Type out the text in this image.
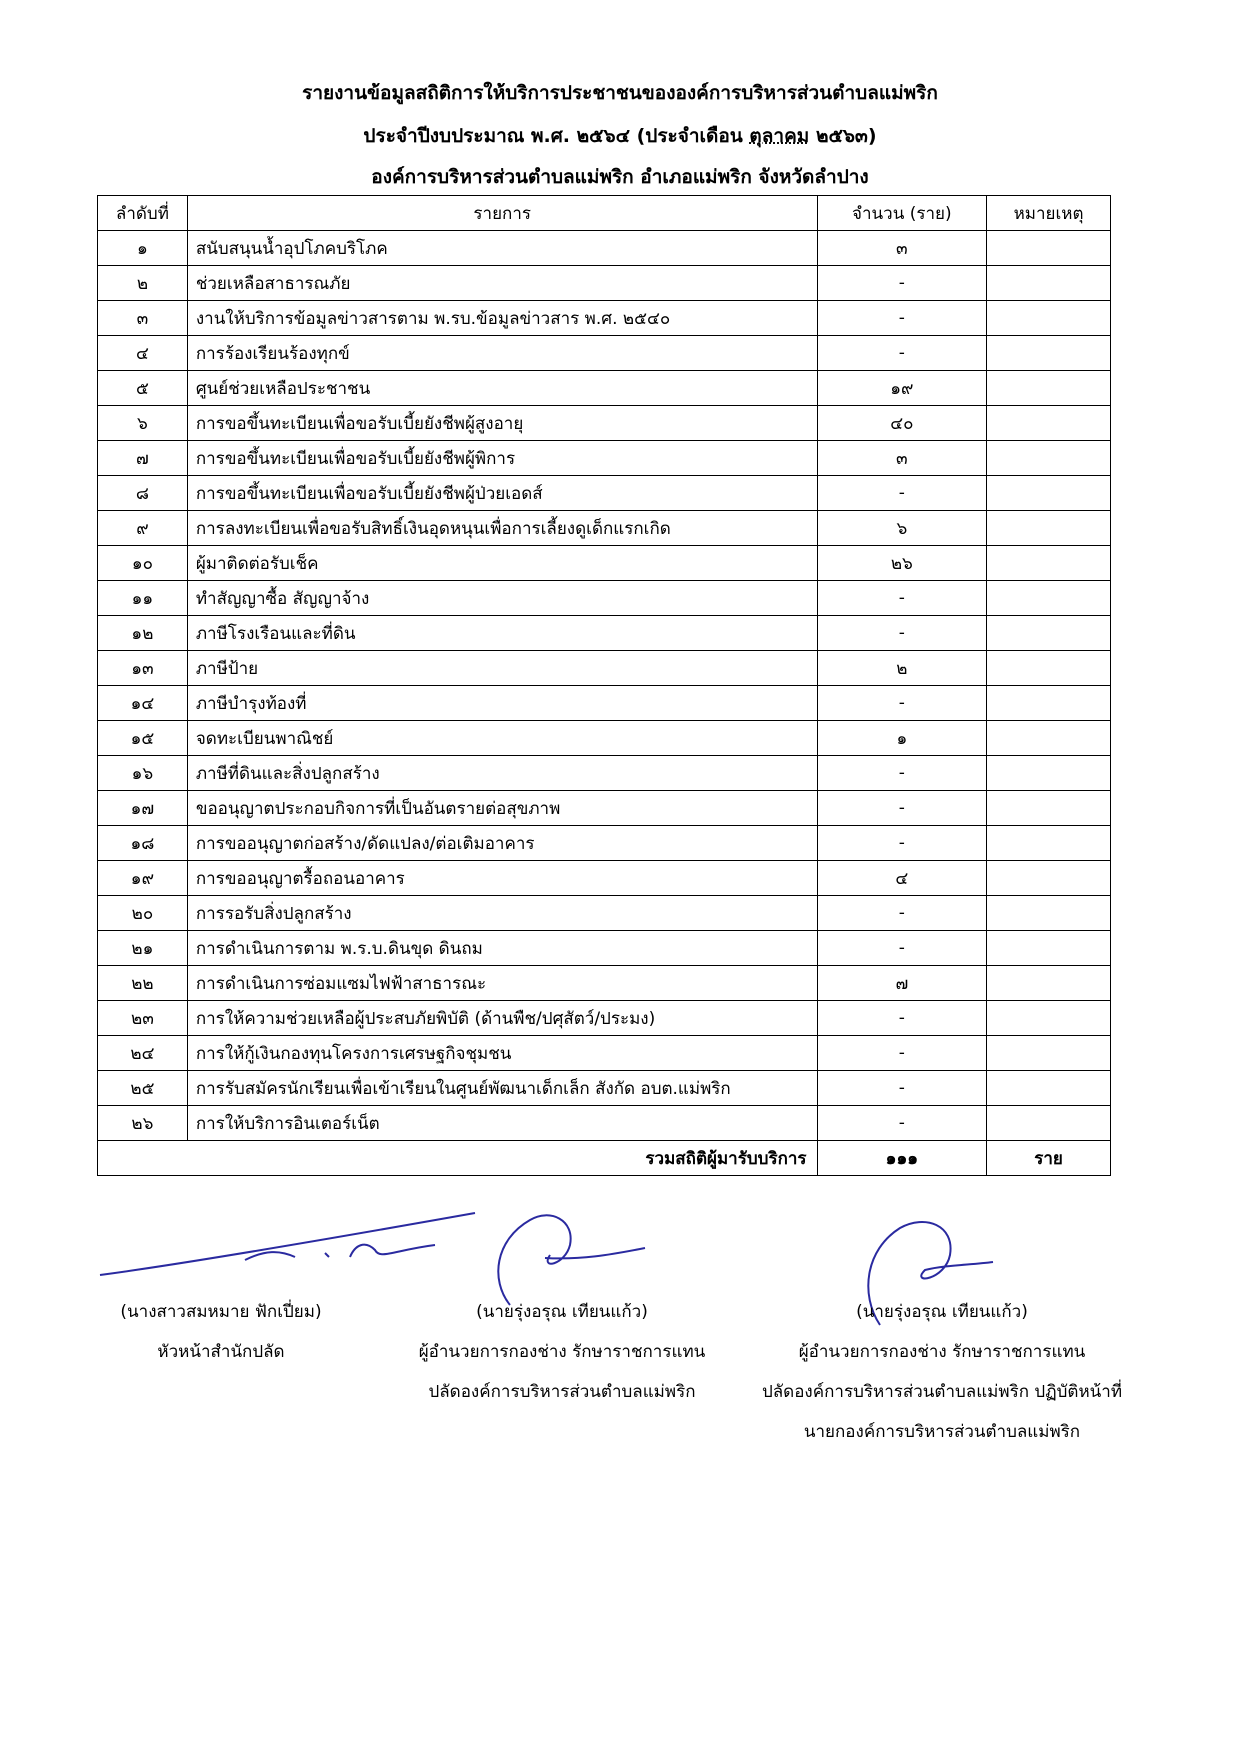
รายงานข้อมูลสถิติการให้บริการประชาชนขององค์การบริหารส่วนตำบลแม่พริก
ประจำปีงบประมาณ พ.ศ. ๒๕๖๔ (ประจำเดือน ตุลาคม ๒๕๖๓)
องค์การบริหารส่วนตำบลแม่พริก อำเภอแม่พริก จังหวัดลำปาง
ลำดับที่	รายการ	จำนวน (ราย)	หมายเหตุ
๑	สนับสนุนน้ำอุปโภคบริโภค	๓	
๒	ช่วยเหลือสาธารณภัย	-	
๓	งานให้บริการข้อมูลข่าวสารตาม พ.รบ.ข้อมูลข่าวสาร พ.ศ. ๒๕๔๐	-	
๔	การร้องเรียนร้องทุกข์	-	
๕	ศูนย์ช่วยเหลือประชาชน	๑๙	
๖	การขอขึ้นทะเบียนเพื่อขอรับเบี้ยยังชีพผู้สูงอายุ	๔๐	
๗	การขอขึ้นทะเบียนเพื่อขอรับเบี้ยยังชีพผู้พิการ	๓	
๘	การขอขึ้นทะเบียนเพื่อขอรับเบี้ยยังชีพผู้ป่วยเอดส์	-	
๙	การลงทะเบียนเพื่อขอรับสิทธิ์เงินอุดหนุนเพื่อการเลี้ยงดูเด็กแรกเกิด	๖	
๑๐	ผู้มาติดต่อรับเช็ค	๒๖	
๑๑	ทำสัญญาซื้อ สัญญาจ้าง	-	
๑๒	ภาษีโรงเรือนและที่ดิน	-	
๑๓	ภาษีป้าย	๒	
๑๔	ภาษีบำรุงท้องที่	-	
๑๕	จดทะเบียนพาณิชย์	๑	
๑๖	ภาษีที่ดินและสิ่งปลูกสร้าง	-	
๑๗	ขออนุญาตประกอบกิจการที่เป็นอันตรายต่อสุขภาพ	-	
๑๘	การขออนุญาตก่อสร้าง/ดัดแปลง/ต่อเติมอาคาร	-	
๑๙	การขออนุญาตรื้อถอนอาคาร	๔	
๒๐	การรอรับสิ่งปลูกสร้าง	-	
๒๑	การดำเนินการตาม พ.ร.บ.ดินขุด ดินถม	-	
๒๒	การดำเนินการซ่อมแซมไฟฟ้าสาธารณะ	๗	
๒๓	การให้ความช่วยเหลือผู้ประสบภัยพิบัติ (ด้านพืช/ปศุสัตว์/ประมง)	-	
๒๔	การให้กู้เงินกองทุนโครงการเศรษฐกิจชุมชน	-	
๒๕	การรับสมัครนักเรียนเพื่อเข้าเรียนในศูนย์พัฒนาเด็กเล็ก สังกัด อบต.แม่พริก	-	
๒๖	การให้บริการอินเตอร์เน็ต	-	
	รวมสถิติผู้มารับบริการ	๑๑๑	ราย
(นางสาวสมหมาย ฟักเปี่ยม)
หัวหน้าสำนักปลัด
(นายรุ่งอรุณ เทียนแก้ว)
ผู้อำนวยการกองช่าง รักษาราชการแทน
ปลัดองค์การบริหารส่วนตำบลแม่พริก
(นายรุ่งอรุณ เทียนแก้ว)
ผู้อำนวยการกองช่าง รักษาราชการแทน
ปลัดองค์การบริหารส่วนตำบลแม่พริก ปฏิบัติหน้าที่
นายกองค์การบริหารส่วนตำบลแม่พริก
